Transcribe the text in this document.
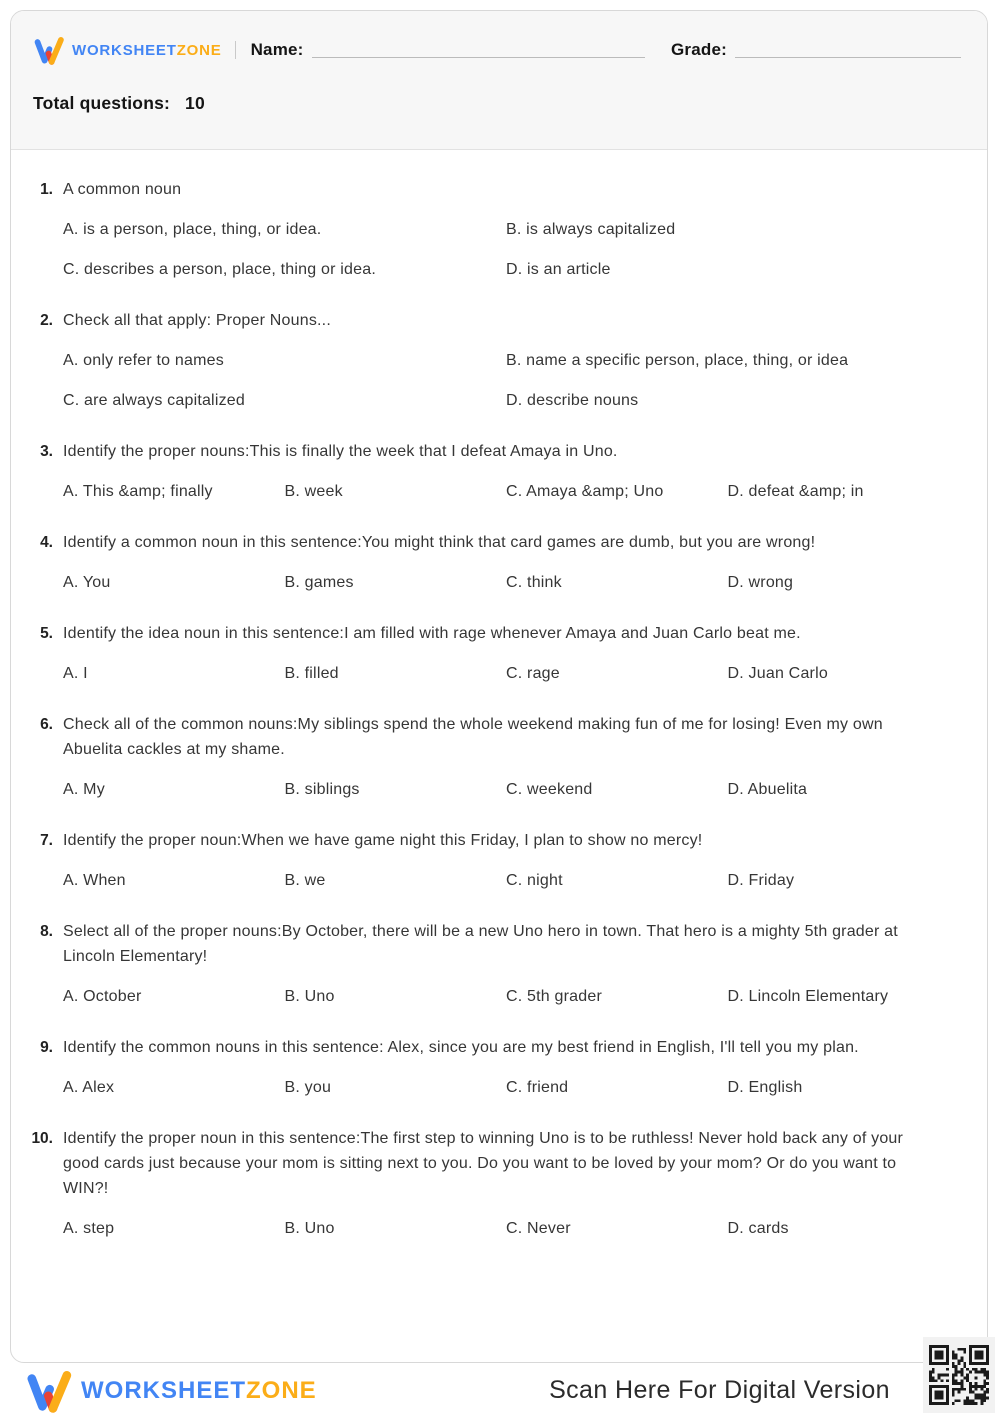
WORKSHEETZONE Name:	Grade:
Total questions: 10
1. A common noun
A. is a person, place, thing, or idea.	B. is always capitalized
C. describes a person, place, thing or idea.	D. is an article
2. Check all that apply: Proper Nouns...
A. only refer to names	B. name a specific person, place, thing, or idea
C. are always capitalized	D. describe nouns
3. Identify the proper nouns:This is finally the week that I defeat Amaya in Uno.
A. This &amp; finally	B. week	C. Amaya &amp; Uno	D. defeat &amp; in
4. Identify a common noun in this sentence:You might think that card games are dumb, but you are wrong!
A. You	B. games	C. think	D. wrong
5. Identify the idea noun in this sentence:I am filled with rage whenever Amaya and Juan Carlo beat me.
A. I	B. filled	C. rage	D. Juan Carlo
6. Check all of the common nouns:My siblings spend the whole weekend making fun of me for losing! Even my own Abuelita cackles at my shame.
A. My	B. siblings	C. weekend	D. Abuelita
7. Identify the proper noun:When we have game night this Friday, I plan to show no mercy!
A. When	B. we	C. night	D. Friday
8. Select all of the proper nouns:By October, there will be a new Uno hero in town. That hero is a mighty 5th grader at Lincoln Elementary!
A. October	B. Uno	C. 5th grader	D. Lincoln Elementary
9. Identify the common nouns in this sentence: Alex, since you are my best friend in English, I'll tell you my plan.
A. Alex	B. you	C. friend	D. English
10. Identify the proper noun in this sentence:The first step to winning Uno is to be ruthless! Never hold back any of your good cards just because your mom is sitting next to you. Do you want to be loved by your mom? Or do you want to WIN?!
A. step	B. Uno	C. Never	D. cards
WORKSHEETZONE	Scan Here For Digital Version
